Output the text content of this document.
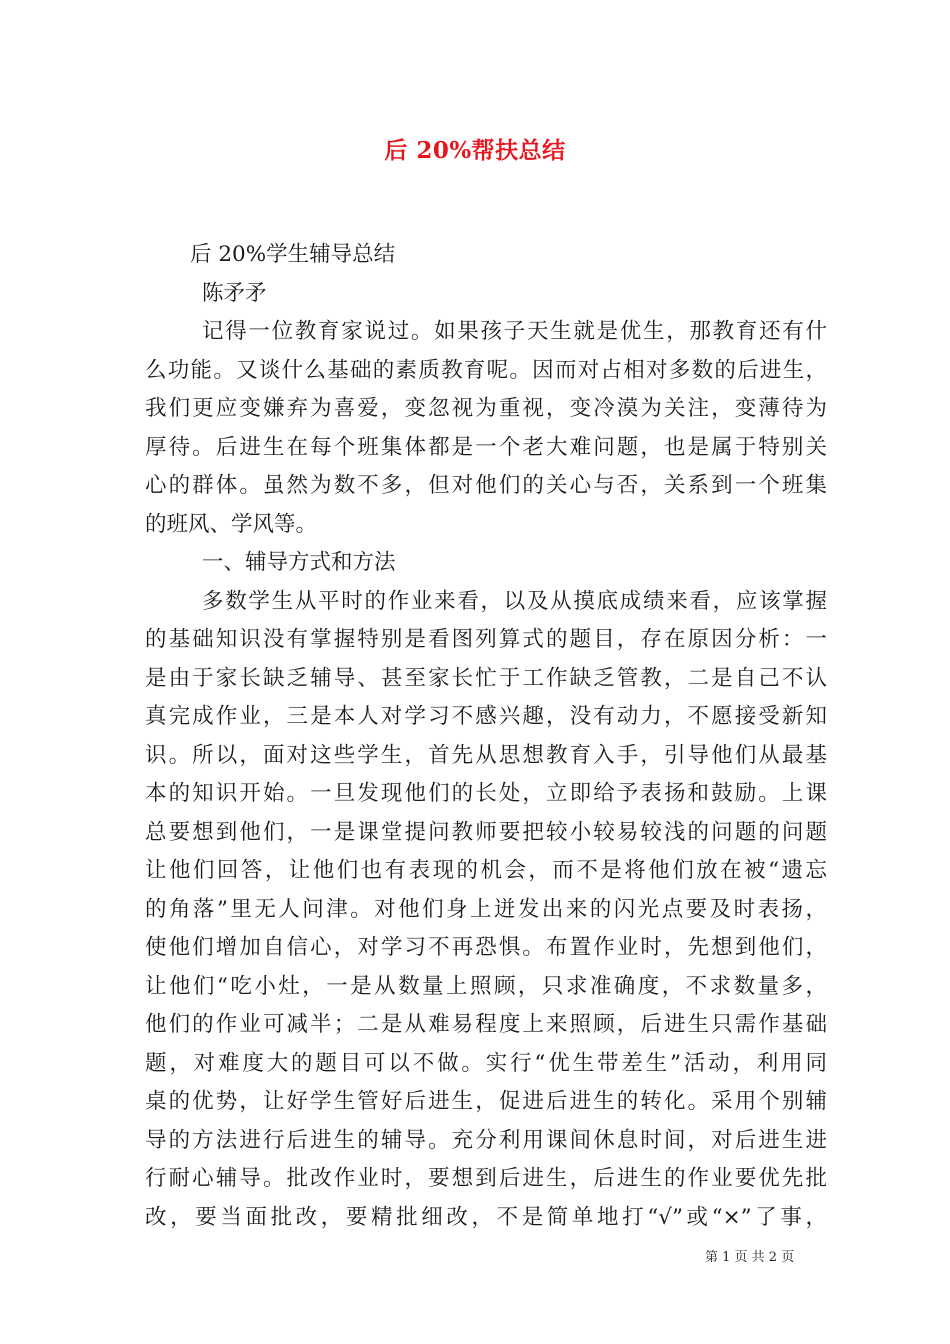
后 20%帮扶总结
后 20%学生辅导总结
陈矛矛
记得一位教育家说过。如果孩子天生就是优生，那教育还有什
么功能。又谈什么基础的素质教育呢。因而对占相对多数的后进生，
我们更应变嫌弃为喜爱，变忽视为重视，变冷漠为关注，变薄待为
厚待。后进生在每个班集体都是一个老大难问题，也是属于特别关
心的群体。虽然为数不多，但对他们的关心与否，关系到一个班集
的班风、学风等。
一、辅导方式和方法
多数学生从平时的作业来看，以及从摸底成绩来看，应该掌握
的基础知识没有掌握特别是看图列算式的题目，存在原因分析：一
是由于家长缺乏辅导、甚至家长忙于工作缺乏管教，二是自己不认
真完成作业，三是本人对学习不感兴趣，没有动力，不愿接受新知
识。所以，面对这些学生，首先从思想教育入手，引导他们从最基
本的知识开始。一旦发现他们的长处，立即给予表扬和鼓励。上课
总要想到他们，一是课堂提问教师要把较小较易较浅的问题的问题
让他们回答，让他们也有表现的机会，而不是将他们放在被“遗忘
的角落”里无人问津。对他们身上迸发出来的闪光点要及时表扬，
使他们增加自信心，对学习不再恐惧。布置作业时，先想到他们，
让他们“吃小灶，一是从数量上照顾，只求准确度，不求数量多，
他们的作业可减半；二是从难易程度上来照顾，后进生只需作基础
题，对难度大的题目可以不做。实行“优生带差生”活动，利用同
桌的优势，让好学生管好后进生，促进后进生的转化。采用个别辅
导的方法进行后进生的辅导。充分利用课间休息时间，对后进生进
行耐心辅导。批改作业时，要想到后进生，后进生的作业要优先批
改，要当面批改，要精批细改，不是简单地打“√”或“×”了事，
第 1 页 共 2 页
